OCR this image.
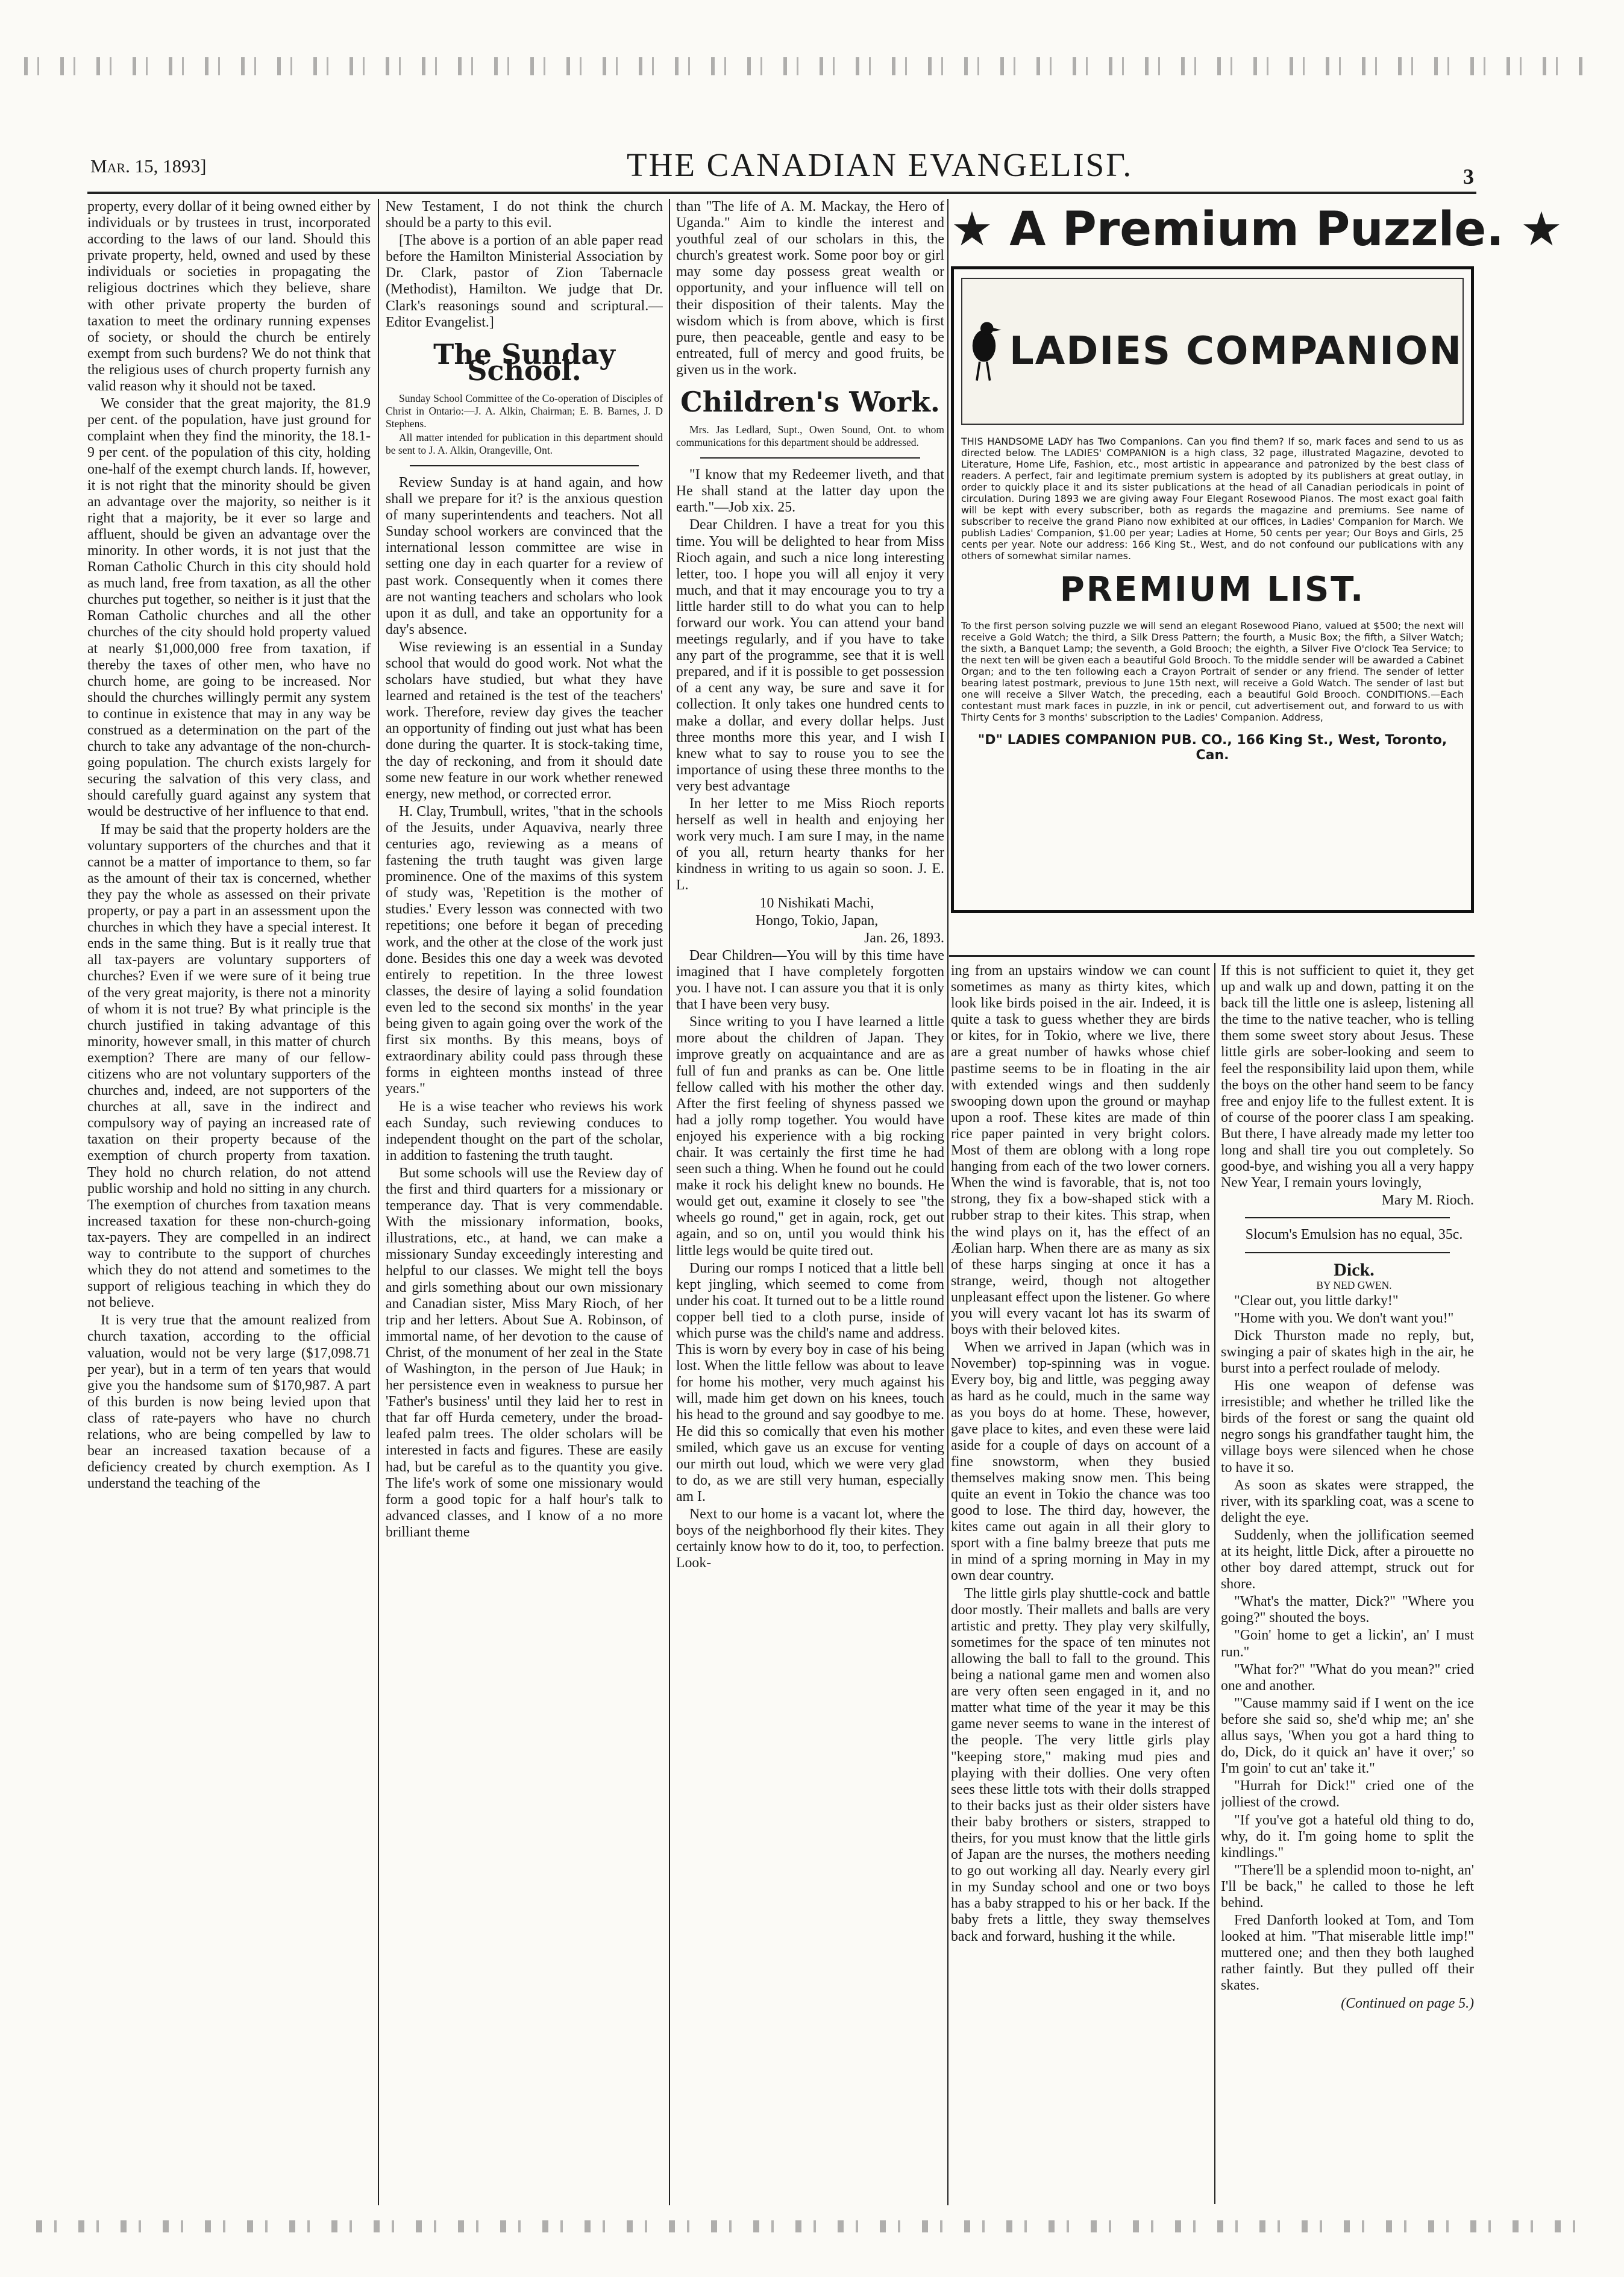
Mar. 15, 1893]	THE CANADIAN EVANGELISΓ.	3

property, every dollar of it being owned either by individuals or by trustees in trust, incorporated according to the laws of our land. Should this private property, held, owned and used by these individuals or societies in propagating the religious doctrines which they believe, share with other private property the burden of taxation to meet the ordinary running expenses of society, or should the church be entirely exempt from such burdens? We do not think that the religious uses of church property furnish any valid reason why it should not be taxed.

We consider that the great majority, the 81.9 per cent. of the population, have just ground for complaint when they find the minority, the 18.1-9 per cent. of the population of this city, holding one-half of the exempt church lands. If, however, it is not right that the minority should be given an advantage over the majority, so neither is it right that a majority, be it ever so large and affluent, should be given an advantage over the minority. In other words, it is not just that the Roman Catholic Church in this city should hold as much land, free from taxation, as all the other churches put together, so neither is it just that the Roman Catholic churches and all the other churches of the city should hold property valued at nearly $1,000,000 free from taxation, if thereby the taxes of other men, who have no church home, are going to be increased. Nor should the churches willingly permit any system to continue in existence that may in any way be construed as a determination on the part of the church to take any advantage of the non-church-going population. The church exists largely for securing the salvation of this very class, and should carefully guard against any system that would be destructive of her influence to that end.

If may be said that the property holders are the voluntary supporters of the churches and that it cannot be a matter of importance to them, so far as the amount of their tax is concerned, whether they pay the whole as assessed on their private property, or pay a part in an assessment upon the churches in which they have a special interest. It ends in the same thing. But is it really true that all tax-payers are voluntary supporters of churches? Even if we were sure of it being true of the very great majority, is there not a minority of whom it is not true? By what principle is the church justified in taking advantage of this minority, however small, in this matter of church exemption? There are many of our fellow-citizens who are not voluntary supporters of the churches and, indeed, are not supporters of the churches at all, save in the indirect and compulsory way of paying an increased rate of taxation on their property because of the exemption of church property from taxation. They hold no church relation, do not attend public worship and hold no sitting in any church. The exemption of churches from taxation means increased taxation for these non-church-going tax-payers. They are compelled in an indirect way to contribute to the support of churches which they do not attend and sometimes to the support of religious teaching in which they do not believe.

It is very true that the amount realized from church taxation, according to the official valuation, would not be very large ($17,098.71 per year), but in a term of ten years that would give you the handsome sum of $170,987. A part of this burden is now being levied upon that class of rate-payers who have no church relations, who are being compelled by law to bear an increased taxation because of a deficiency created by church exemption. As I understand the teaching of the

New Testament, I do not think the church should be a party to this evil.

[The above is a portion of an able paper read before the Hamilton Ministerial Association by Dr. Clark, pastor of Zion Tabernacle (Methodist), Hamilton. We judge that Dr. Clark's reasonings sound and scriptural.—Editor Evangelist.]

The Sunday School.

Sunday School Committee of the Co-operation of Disciples of Christ in Ontario:—J. A. Alkin, Chairman; E. B. Barnes, J. D Stephens.

All matter intended for publication in this department should be sent to J. A. Alkin, Orangeville, Ont.

Review Sunday is at hand again, and how shall we prepare for it? is the anxious question of many superintendents and teachers. Not all Sunday school workers are convinced that the international lesson committee are wise in setting one day in each quarter for a review of past work. Consequently when it comes there are not wanting teachers and scholars who look upon it as dull, and take an opportunity for a day's absence.

Wise reviewing is an essential in a Sunday school that would do good work. Not what the scholars have studied, but what they have learned and retained is the test of the teachers' work. Therefore, review day gives the teacher an opportunity of finding out just what has been done during the quarter. It is stock-taking time, the day of reckoning, and from it should date some new feature in our work whether renewed energy, new method, or corrected error.

H. Clay, Trumbull, writes, "that in the schools of the Jesuits, under Aquaviva, nearly three centuries ago, reviewing as a means of fastening the truth taught was given large prominence. One of the maxims of this system of study was, 'Repetition is the mother of studies.' Every lesson was connected with two repetitions; one before it began of preceding work, and the other at the close of the work just done. Besides this one day a week was devoted entirely to repetition. In the three lowest classes, the desire of laying a solid foundation even led to the second six months' in the year being given to again going over the work of the first six months. By this means, boys of extraordinary ability could pass through these forms in eighteen months instead of three years."

He is a wise teacher who reviews his work each Sunday, such reviewing conduces to independent thought on the part of the scholar, in addition to fastening the truth taught.

But some schools will use the Review day of the first and third quarters for a missionary or temperance day. That is very commendable. With the missionary information, books, illustrations, etc., at hand, we can make a missionary Sunday exceedingly interesting and helpful to our classes. We might tell the boys and girls something about our own missionary and Canadian sister, Miss Mary Rioch, of her trip and her letters. About Sue A. Robinson, of immortal name, of her devotion to the cause of Christ, of the monument of her zeal in the State of Washington, in the person of Jue Hauk; in her persistence even in weakness to pursue her 'Father's business' until they laid her to rest in that far off Hurda cemetery, under the broad-leafed palm trees. The older scholars will be interested in facts and figures. These are easily had, but be careful as to the quantity you give. The life's work of some one missionary would form a good topic for a half hour's talk to advanced classes, and I know of a no more brilliant theme

than "The life of A. M. Mackay, the Hero of Uganda." Aim to kindle the interest and youthful zeal of our scholars in this, the church's greatest work. Some poor boy or girl may some day possess great wealth or opportunity, and your influence will tell on their disposition of their talents. May the wisdom which is from above, which is first pure, then peaceable, gentle and easy to be entreated, full of mercy and good fruits, be given us in the work.

Children's Work.

Mrs. Jas Ledlard, Supt., Owen Sound, Ont. to whom communications for this department should be addressed.

"I know that my Redeemer liveth, and that He shall stand at the latter day upon the earth."—Job xix. 25.

Dear Children. I have a treat for you this time. You will be delighted to hear from Miss Rioch again, and such a nice long interesting letter, too. I hope you will all enjoy it very much, and that it may encourage you to try a little harder still to do what you can to help forward our work. You can attend your band meetings regularly, and if you have to take any part of the programme, see that it is well prepared, and if it is possible to get possession of a cent any way, be sure and save it for collection. It only takes one hundred cents to make a dollar, and every dollar helps. Just three months more this year, and I wish I knew what to say to rouse you to see the importance of using these three months to the very best advantage

In her letter to me Miss Rioch reports herself as well in health and enjoying her work very much. I am sure I may, in the name of you all, return hearty thanks for her kindness in writing to us again so soon. J. E. L.

10 Nishikati Machi,

Hongo, Tokio, Japan,

Jan. 26, 1893.

Dear Children—You will by this time have imagined that I have completely forgotten you. I have not. I can assure you that it is only that I have been very busy.

Since writing to you I have learned a little more about the children of Japan. They improve greatly on acquaintance and are as full of fun and pranks as can be. One little fellow called with his mother the other day. After the first feeling of shyness passed we had a jolly romp together. You would have enjoyed his experience with a big rocking chair. It was certainly the first time he had seen such a thing. When he found out he could make it rock his delight knew no bounds. He would get out, examine it closely to see "the wheels go round," get in again, rock, get out again, and so on, until you would think his little legs would be quite tired out.

During our romps I noticed that a little bell kept jingling, which seemed to come from under his coat. It turned out to be a little round copper bell tied to a cloth purse, inside of which purse was the child's name and address. This is worn by every boy in case of his being lost. When the little fellow was about to leave for home his mother, very much against his will, made him get down on his knees, touch his head to the ground and say goodbye to me. He did this so comically that even his mother smiled, which gave us an excuse for venting our mirth out loud, which we were very glad to do, as we are still very human, especially am I.

Next to our home is a vacant lot, where the boys of the neighborhood fly their kites. They certainly know how to do it, too, to perfection. Look-

★ A Premium Puzzle. ★
LADIES COMPANION
THIS HANDSOME LADY has Two Companions. Can you find them? If so, mark faces and send to us as directed below. The LADIES' COMPANION is a high class, 32 page, illustrated Magazine, devoted to Literature, Home Life, Fashion, etc., most artistic in appearance and patronized by the best class of readers. A perfect, fair and legitimate premium system is adopted by its publishers at great outlay, in order to quickly place it and its sister publications at the head of all Canadian periodicals in point of circulation. During 1893 we are giving away Four Elegant Rosewood Pianos. The most exact goal faith will be kept with every subscriber, both as regards the magazine and premiums. See name of subscriber to receive the grand Piano now exhibited at our offices, in Ladies' Companion for March. We publish Ladies' Companion, $1.00 per year; Ladies at Home, 50 cents per year; Our Boys and Girls, 25 cents per year. Note our address: 166 King St., West, and do not confound our publications with any others of somewhat similar names.
PREMIUM LIST.
To the first person solving puzzle we will send an elegant Rosewood Piano, valued at $500; the next will receive a Gold Watch; the third, a Silk Dress Pattern; the fourth, a Music Box; the fifth, a Silver Watch; the sixth, a Banquet Lamp; the seventh, a Gold Brooch; the eighth, a Silver Five O'clock Tea Service; to the next ten will be given each a beautiful Gold Brooch. To the middle sender will be awarded a Cabinet Organ; and to the ten following each a Crayon Portrait of sender or any friend. The sender of letter bearing latest postmark, previous to June 15th next, will receive a Gold Watch. The sender of last but one will receive a Silver Watch, the preceding, each a beautiful Gold Brooch. CONDITIONS.—Each contestant must mark faces in puzzle, in ink or pencil, cut advertisement out, and forward to us with Thirty Cents for 3 months' subscription to the Ladies' Companion. Address,
"D" LADIES COMPANION PUB. CO., 166 King St., West, Toronto, Can.

ing from an upstairs window we can count sometimes as many as thirty kites, which look like birds poised in the air. Indeed, it is quite a task to guess whether they are birds or kites, for in Tokio, where we live, there are a great number of hawks whose chief pastime seems to be in floating in the air with extended wings and then suddenly swooping down upon the ground or mayhap upon a roof. These kites are made of thin rice paper painted in very bright colors. Most of them are oblong with a long rope hanging from each of the two lower corners. When the wind is favorable, that is, not too strong, they fix a bow-shaped stick with a rubber strap to their kites. This strap, when the wind plays on it, has the effect of an Æolian harp. When there are as many as six of these harps singing at once it has a strange, weird, though not altogether unpleasant effect upon the listener. Go where you will every vacant lot has its swarm of boys with their beloved kites.

When we arrived in Japan (which was in November) top-spinning was in vogue. Every boy, big and little, was pegging away as hard as he could, much in the same way as you boys do at home. These, however, gave place to kites, and even these were laid aside for a couple of days on account of a fine snowstorm, when they busied themselves making snow men. This being quite an event in Tokio the chance was too good to lose. The third day, however, the kites came out again in all their glory to sport with a fine balmy breeze that puts me in mind of a spring morning in May in my own dear country.

The little girls play shuttle-cock and battle door mostly. Their mallets and balls are very artistic and pretty. They play very skilfully, sometimes for the space of ten minutes not allowing the ball to fall to the ground. This being a national game men and women also are very often seen engaged in it, and no matter what time of the year it may be this game never seems to wane in the interest of the people. The very little girls play "keeping store," making mud pies and playing with their dollies. One very often sees these little tots with their dolls strapped to their backs just as their older sisters have their baby brothers or sisters, strapped to theirs, for you must know that the little girls of Japan are the nurses, the mothers needing to go out working all day. Nearly every girl in my Sunday school and one or two boys has a baby strapped to his or her back. If the baby frets a little, they sway themselves back and forward, hushing it the while.

If this is not sufficient to quiet it, they get up and walk up and down, patting it on the back till the little one is asleep, listening all the time to the native teacher, who is telling them some sweet story about Jesus. These little girls are sober-looking and seem to feel the responsibility laid upon them, while the boys on the other hand seem to be fancy free and enjoy life to the fullest extent. It is of course of the poorer class I am speaking. But there, I have already made my letter too long and shall tire you out completely. So good-bye, and wishing you all a very happy New Year, I remain yours lovingly,

Mary M. Rioch.

Slocum's Emulsion has no equal, 35c.

Dick.

BY NED GWEN.

"Clear out, you little darky!"

"Home with you. We don't want you!"

Dick Thurston made no reply, but, swinging a pair of skates high in the air, he burst into a perfect roulade of melody.

His one weapon of defense was irresistible; and whether he trilled like the birds of the forest or sang the quaint old negro songs his grandfather taught him, the village boys were silenced when he chose to have it so.

As soon as skates were strapped, the river, with its sparkling coat, was a scene to delight the eye.

Suddenly, when the jollification seemed at its height, little Dick, after a pirouette no other boy dared attempt, struck out for shore.

"What's the matter, Dick?" "Where you going?" shouted the boys.

"Goin' home to get a lickin', an' I must run."

"What for?" "What do you mean?" cried one and another.

"'Cause mammy said if I went on the ice before she said so, she'd whip me; an' she allus says, 'When you got a hard thing to do, Dick, do it quick an' have it over;' so I'm goin' to cut an' take it."

"Hurrah for Dick!" cried one of the jolliest of the crowd.

"If you've got a hateful old thing to do, why, do it. I'm going home to split the kindlings."

"There'll be a splendid moon to-night, an' I'll be back," he called to those he left behind.

Fred Danforth looked at Tom, and Tom looked at him. "That miserable little imp!" muttered one; and then they both laughed rather faintly. But they pulled off their skates.

(Continued on page 5.)
